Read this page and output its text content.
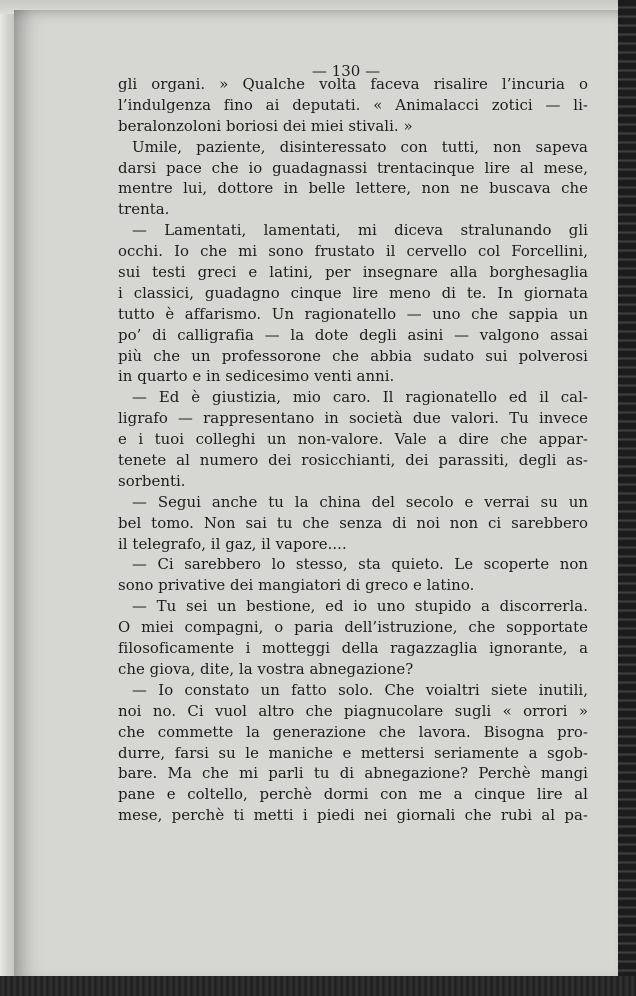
— 130 —
gli organi. » Qualche volta faceva risalire l’incuria o
l’indulgenza fino ai deputati. « Animalacci zotici — li-
beralonzoloni boriosi dei miei stivali. »
Umile, paziente, disinteressato con tutti, non sapeva
darsi pace che io guadagnassi trentacinque lire al mese,
mentre lui, dottore in belle lettere, non ne buscava che
trenta.
— Lamentati, lamentati, mi diceva stralunando gli
occhi. Io che mi sono frustato il cervello col Forcellini,
sui testi greci e latini, per insegnare alla borghesaglia
i classici, guadagno cinque lire meno di te. In giornata
tutto è affarismo. Un ragionatello — uno che sappia un
po’ di calligrafia — la dote degli asini — valgono assai
più che un professorone che abbia sudato sui polverosi
in quarto e in sedicesimo venti anni.
— Ed è giustizia, mio caro. Il ragionatello ed il cal-
ligrafo — rappresentano in società due valori. Tu invece
e i tuoi colleghi un non-valore. Vale a dire che appar-
tenete al numero dei rosicchianti, dei parassiti, degli as-
sorbenti.
— Segui anche tu la china del secolo e verrai su un
bel tomo. Non sai tu che senza di noi non ci sarebbero
il telegrafo, il gaz, il vapore....
— Ci sarebbero lo stesso, sta quieto. Le scoperte non
sono privative dei mangiatori di greco e latino.
— Tu sei un bestione, ed io uno stupido a discorrerla.
O miei compagni, o paria dell’istruzione, che sopportate
filosoficamente i motteggi della ragazzaglia ignorante, a
che giova, dite, la vostra abnegazione?
— Io constato un fatto solo. Che voialtri siete inutili,
noi no. Ci vuol altro che piagnucolare sugli « orrori »
che commette la generazione che lavora. Bisogna pro-
durre, farsi su le maniche e mettersi seriamente a sgob-
bare. Ma che mi parli tu di abnegazione? Perchè mangi
pane e coltello, perchè dormi con me a cinque lire al
mese, perchè ti metti i piedi nei giornali che rubi al pa-
